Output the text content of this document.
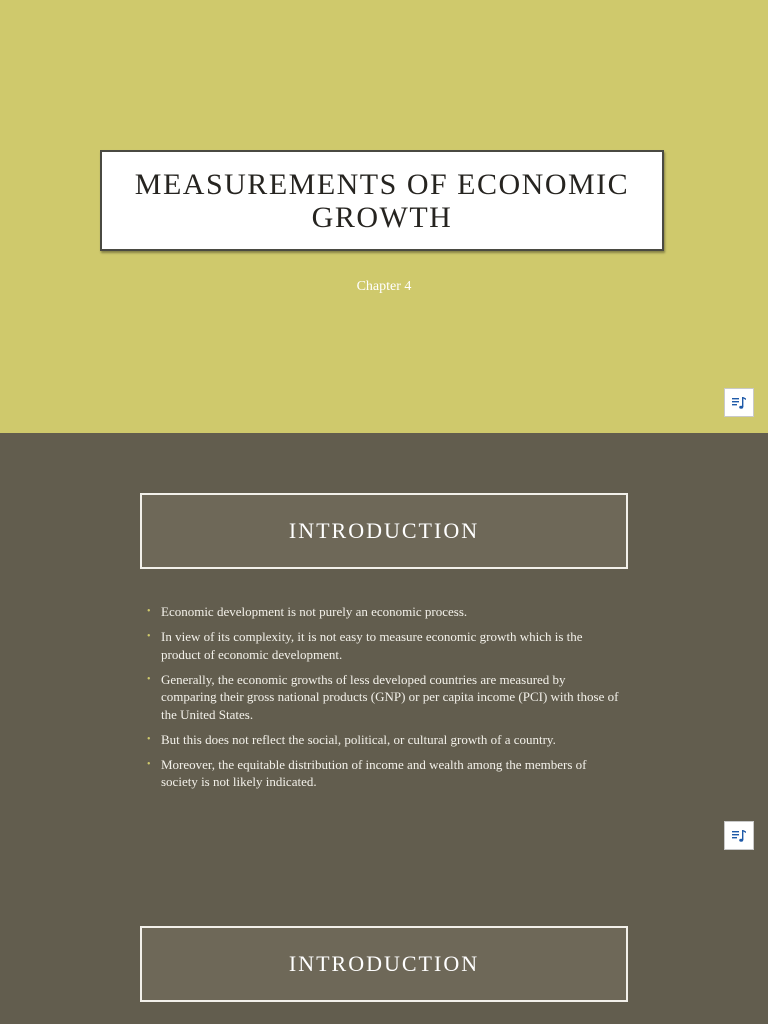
MEASUREMENTS OF ECONOMIC GROWTH

Chapter 4

INTRODUCTION
• Economic development is not purely an economic process.
• In view of its complexity, it is not easy to measure economic growth which is the product of economic development.
• Generally, the economic growths of less developed countries are measured by comparing their gross national products (GNP) or per capita income (PCI) with those of the United States.
• But this does not reflect the social, political, or cultural growth of a country.
• Moreover, the equitable distribution of income and wealth among the members of society is not likely indicated.
INTRODUCTION
